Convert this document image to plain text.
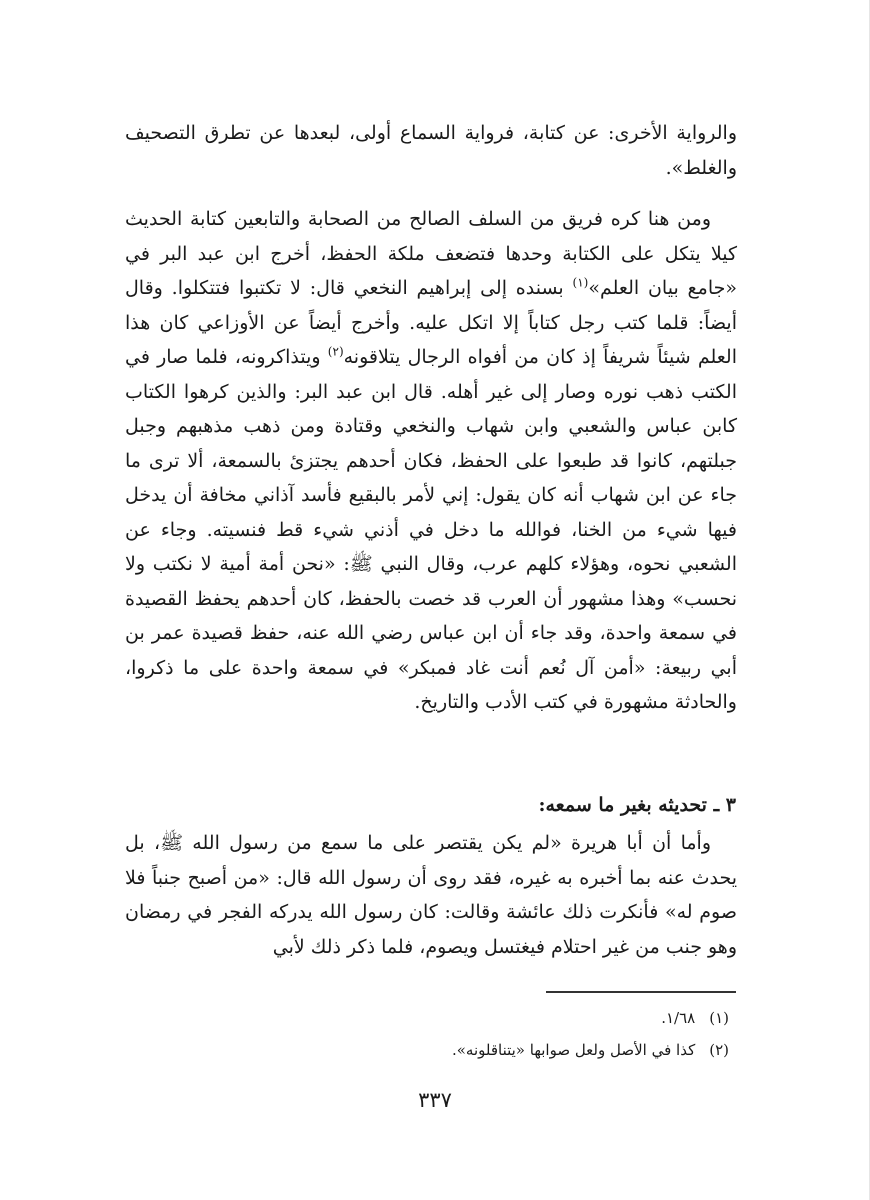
والرواية الأخرى: عن كتابة، فرواية السماع أولى، لبعدها عن تطرق التصحيف والغلط».

ومن هنا كره فريق من السلف الصالح من الصحابة والتابعين كتابة الحديث كيلا يتكل على الكتابة وحدها فتضعف ملكة الحفظ، أخرج ابن عبد البر في «جامع بيان العلم»$^{(١)}$ بسنده إلى إبراهيم النخعي قال: لا تكتبوا فتتكلوا. وقال أيضاً: قلما كتب رجل كتاباً إلا اتكل عليه. وأخرج أيضاً عن الأوزاعي كان هذا العلم شيئاً شريفاً إذ كان من أفواه الرجال يتلاقونه$^{(٢)}$ ويتذاكرونه، فلما صار في الكتب ذهب نوره وصار إلى غير أهله. قال ابن عبد البر: والذين كرهوا الكتاب كابن عباس والشعبي وابن شهاب والنخعي وقتادة ومن ذهب مذهبهم وجبل جبلتهم، كانوا قد طبعوا على الحفظ، فكان أحدهم يجتزئ بالسمعة، ألا ترى ما جاء عن ابن شهاب أنه كان يقول: إني لأمر بالبقيع فأسد آذاني مخافة أن يدخل فيها شيء من الخنا، فوالله ما دخل في أذني شيء قط فنسيته. وجاء عن الشعبي نحوه، وهؤلاء كلهم عرب، وقال النبي ﷺ: «نحن أمة أمية لا نكتب ولا نحسب» وهذا مشهور أن العرب قد خصت بالحفظ، كان أحدهم يحفظ القصيدة في سمعة واحدة، وقد جاء أن ابن عباس رضي الله عنه، حفظ قصيدة عمر بن أبي ربيعة: «أمن آل نُعم أنت غاد فمبكر» في سمعة واحدة على ما ذكروا، والحادثة مشهورة في كتب الأدب والتاريخ.

٣ ـ تحديثه بغير ما سمعه:

وأما أن أبا هريرة «لم يكن يقتصر على ما سمع من رسول الله ﷺ، بل يحدث عنه بما أخبره به غيره، فقد روى أن رسول الله قال: «من أصبح جنباً فلا صوم له» فأنكرت ذلك عائشة وقالت: كان رسول الله يدركه الفجر في رمضان وهو جنب من غير احتلام فيغتسل ويصوم، فلما ذكر ذلك لأبي

(١)١/٦٨.
(٢)كذا في الأصل ولعل صوابها «يتناقلونه».
٣٣٧
